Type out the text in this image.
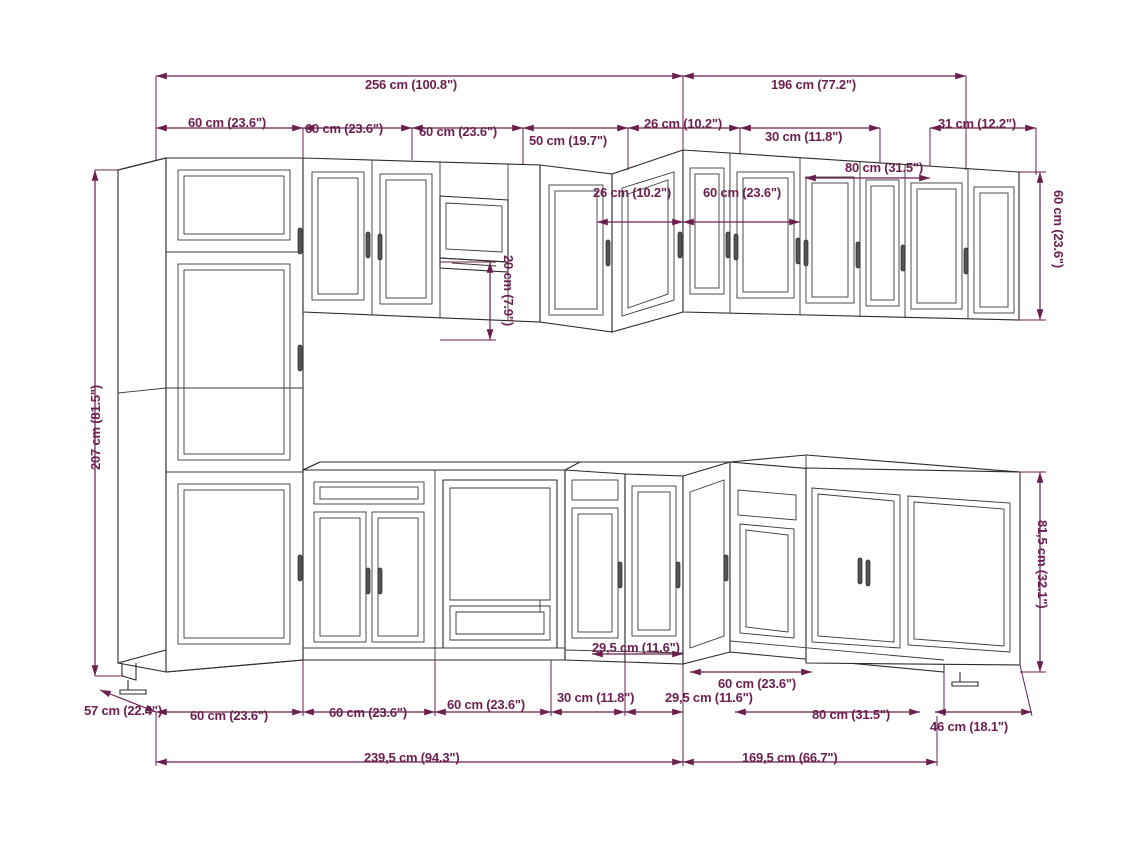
256 cm (100.8")	196 cm (77.2")
60 cm (23.6")	60 cm (23.6")	60 cm (23.6")
50 cm (19.7")
26 cm (10.2")
30 cm (11.8")
31 cm (12.2")
26 cm (10.2") 60 cm (23.6")
80 cm (31.5")
20 cm (7.9")
207 cm (81.5")
60 cm (23.6")
81,5 cm (32.1")
57 cm (22.4") 60 cm (23.6")	60 cm (23.6")
60 cm (23.6") 30 cm (11.8") 29,5 cm (11.6")
80 cm (31.5")
46 cm (18.1")
29,5 cm (11.6")
60 cm (23.6")
239,5 cm (94.3")	169,5 cm (66.7")
